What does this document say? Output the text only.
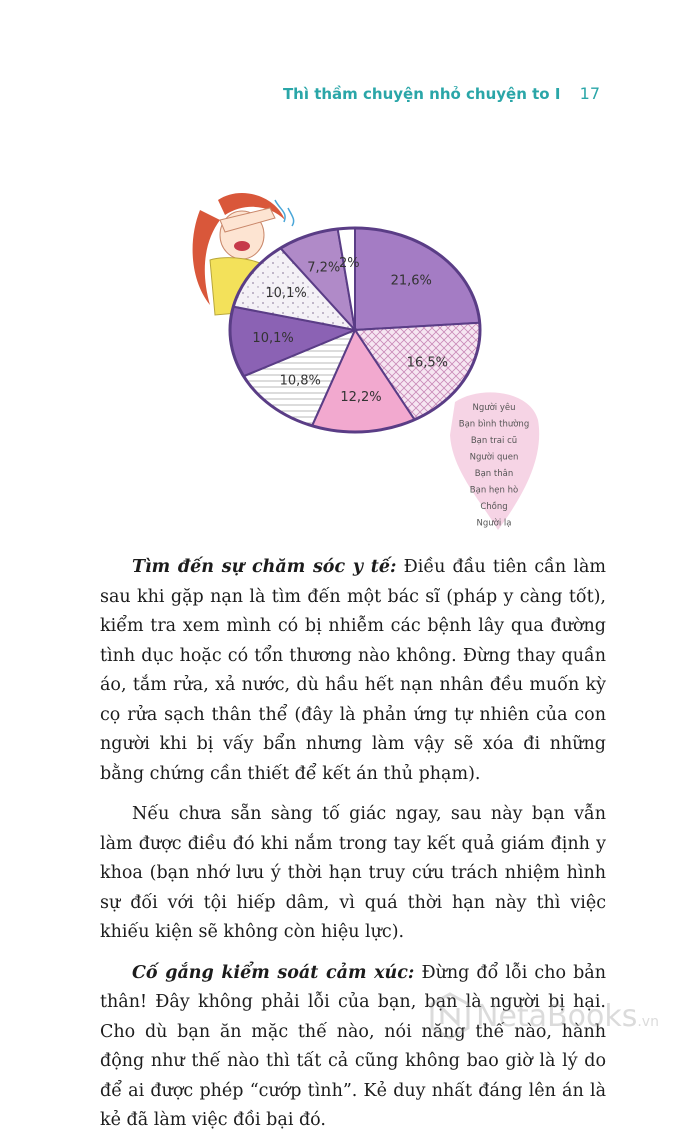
Thì thầm chuyện nhỏ chuyện to I 17
21,6%
16,5%
12,2%
10,8%
10,1%
10,1%
7,2%
2%
Người yêu
Bạn bình thường
Bạn trai cũ
Người quen
Bạn thân
Bạn hẹn hò
Chồng
Người lạ

Tìm đến sự chăm sóc y tế: Điều đầu tiên cần làm sau khi gặp nạn là tìm đến một bác sĩ (pháp y càng tốt), kiểm tra xem mình có bị nhiễm các bệnh lây qua đường tình dục hoặc có tổn thương nào không. Đừng thay quần áo, tắm rửa, xả nước, dù hầu hết nạn nhân đều muốn kỳ cọ rửa sạch thân thể (đây là phản ứng tự nhiên của con người khi bị vấy bẩn nhưng làm vậy sẽ xóa đi những bằng chứng cần thiết để kết án thủ phạm).

Nếu chưa sẵn sàng tố giác ngay, sau này bạn vẫn làm được điều đó khi nắm trong tay kết quả giám định y khoa (bạn nhớ lưu ý thời hạn truy cứu trách nhiệm hình sự đối với tội hiếp dâm, vì quá thời hạn này thì việc khiếu kiện sẽ không còn hiệu lực).

Cố gắng kiểm soát cảm xúc: Đừng đổ lỗi cho bản thân! Đây không phải lỗi của bạn, bạn là người bị hại. Cho dù bạn ăn mặc thế nào, nói năng thế nào, hành động như thế nào thì tất cả cũng không bao giờ là lý do để ai được phép “cướp tình”. Kẻ duy nhất đáng lên án là kẻ đã làm việc đồi bại đó.

NetaBooks.vn
